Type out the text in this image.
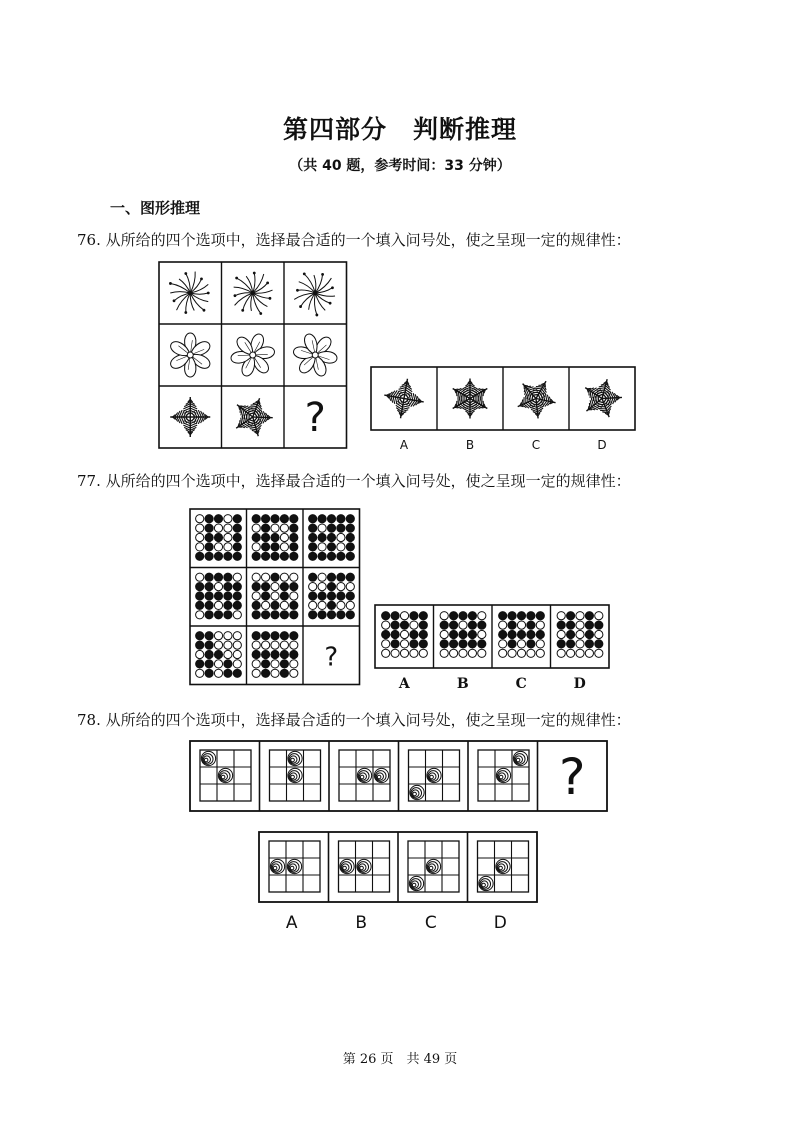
第四部分　判断推理
（共 40 题，参考时间：33 分钟）
一、图形推理
76. 从所给的四个选项中，选择最合适的一个填入问号处，使之呈现一定的规律性：
77. 从所给的四个选项中，选择最合适的一个填入问号处，使之呈现一定的规律性：
78. 从所给的四个选项中，选择最合适的一个填入问号处，使之呈现一定的规律性：
?
A	B	C	D
?
A	B	C	D
?
A	B	C	D
第 26 页　共 49 页
